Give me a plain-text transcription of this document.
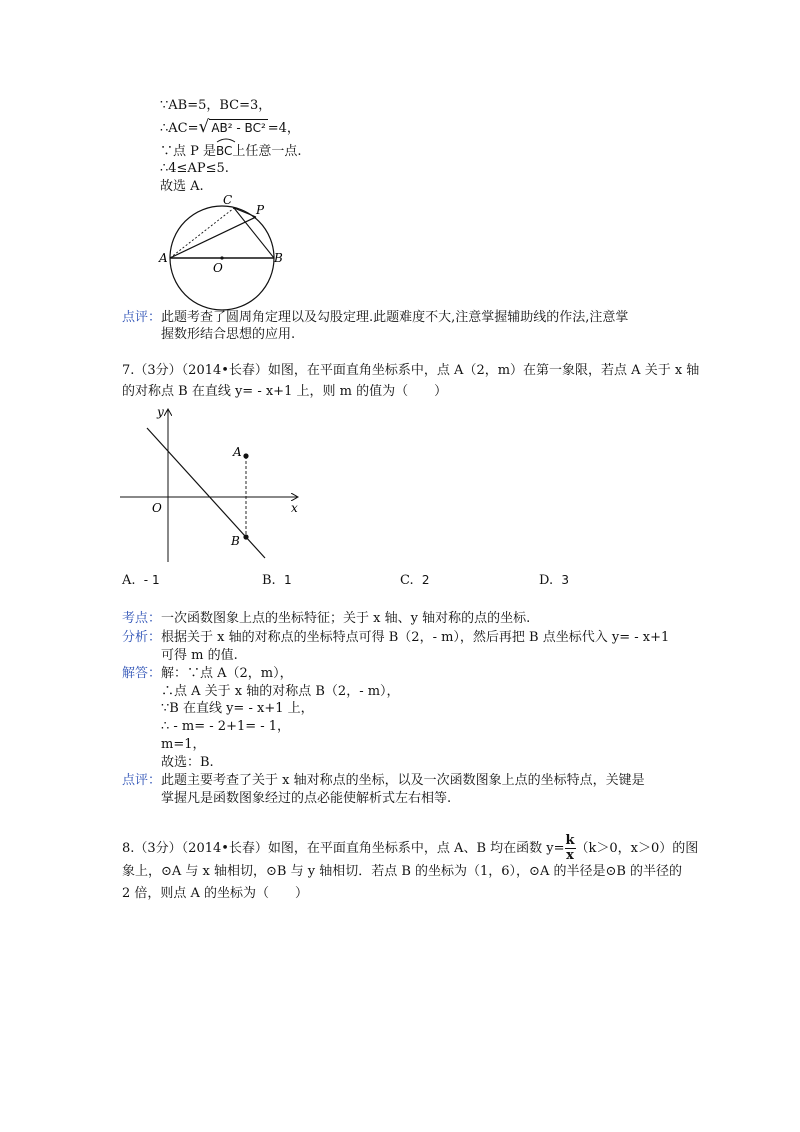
∵AB=5，BC=3，
∴AC=√ AB² - BC² =4，
∵点 P 是
BC上任意一点.
∴4≤AP≤5.
故选 A.
C
P
A
O
B
点评：此题考查了圆周角定理以及勾股定理.此题难度不大,注意掌握辅助线的作法,注意掌
握数形结合思想的应用.
7.（3分）（2014•长春）如图，在平面直角坐标系中，点 A（2，m）在第一象限，若点 A 关于 x 轴
的对称点 B 在直线 y= - x+1 上，则 m 的值为（　　）
y
x
O
A
B
A. - 1	B. 1	C. 2	D. 3
考点：一次函数图象上点的坐标特征；关于 x 轴、y 轴对称的点的坐标.
分析：根据关于 x 轴的对称点的坐标特点可得 B（2，- m），然后再把 B 点坐标代入 y= - x+1
可得 m 的值.
解答：解：∵点 A（2，m），
∴点 A 关于 x 轴的对称点 B（2，- m），
∵B 在直线 y= - x+1 上，
∴ - m= - 2+1= - 1，
m=1，
故选：B.
点评：此题主要考查了关于 x 轴对称点的坐标，以及一次函数图象上点的坐标特点，关键是
掌握凡是函数图象经过的点必能使解析式左右相等.
8.（3分）（2014•长春）如图，在平面直角坐标系中，点 A、B 均在函数 $y= \frac{k}{x} (k>0$，x＞0）的图
象上，⊙A 与 x 轴相切，⊙B 与 y 轴相切．若点 B 的坐标为（1，6），⊙A 的半径是⊙B 的半径的
2 倍，则点 A 的坐标为（　　）
